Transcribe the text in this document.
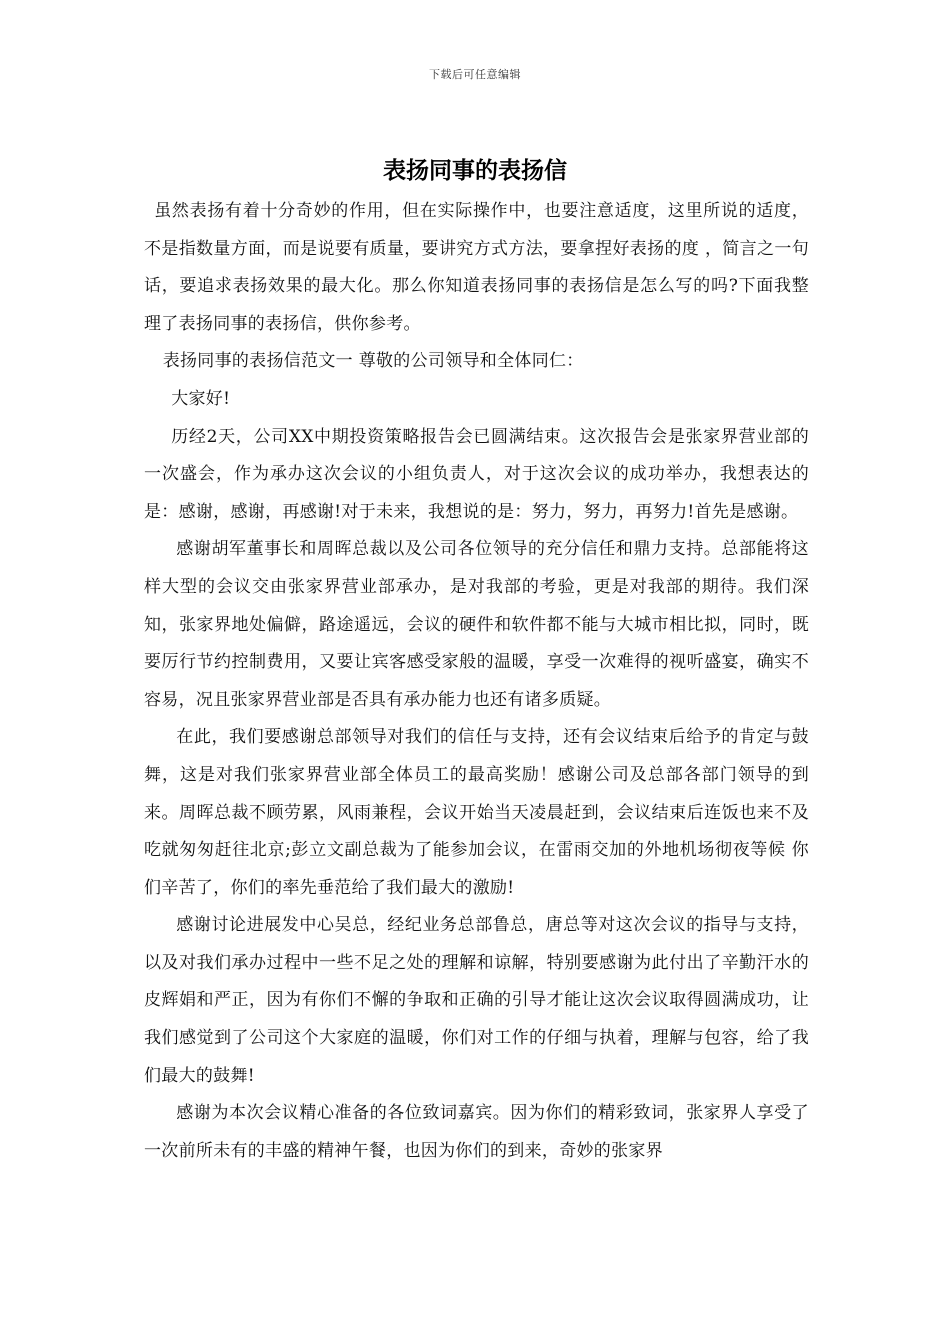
下载后可任意编辑
表扬同事的表扬信

虽然表扬有着十分奇妙的作用，但在实际操作中，也要注意适度，这里所说的适度，不是指数量方面，而是说要有质量，要讲究方式方法，要拿捏好表扬的度 ，简言之一句话，要追求表扬效果的最大化。那么你知道表扬同事的表扬信是怎么写的吗?下面我整理了表扬同事的表扬信，供你参考。

表扬同事的表扬信范文一 尊敬的公司领导和全体同仁：

大家好!

历经2天，公司XX中期投资策略报告会已圆满结束。这次报告会是张家界营业部的一次盛会，作为承办这次会议的小组负责人，对于这次会议的成功举办，我想表达的是：感谢，感谢，再感谢!对于未来，我想说的是：努力，努力，再努力!首先是感谢。

感谢胡军董事长和周晖总裁以及公司各位领导的充分信任和鼎力支持。总部能将这样大型的会议交由张家界营业部承办，是对我部的考验，更是对我部的期待。我们深知，张家界地处偏僻，路途遥远，会议的硬件和软件都不能与大城市相比拟，同时，既要厉行节约控制费用，又要让宾客感受家般的温暖，享受一次难得的视听盛宴，确实不容易，况且张家界营业部是否具有承办能力也还有诸多质疑。

在此，我们要感谢总部领导对我们的信任与支持，还有会议结束后给予的肯定与鼓舞，这是对我们张家界营业部全体员工的最高奖励！感谢公司及总部各部门领导的到来。周晖总裁不顾劳累，风雨兼程，会议开始当天凌晨赶到，会议结束后连饭也来不及吃就匆匆赶往北京;彭立文副总裁为了能参加会议，在雷雨交加的外地机场彻夜等候 你们辛苦了，你们的率先垂范给了我们最大的激励!

感谢讨论进展发中心吴总，经纪业务总部鲁总，唐总等对这次会议的指导与支持，以及对我们承办过程中一些不足之处的理解和谅解，特别要感谢为此付出了辛勤汗水的皮辉娟和严正，因为有你们不懈的争取和正确的引导才能让这次会议取得圆满成功，让我们感觉到了公司这个大家庭的温暖，你们对工作的仔细与执着，理解与包容，给了我们最大的鼓舞!

感谢为本次会议精心准备的各位致词嘉宾。因为你们的精彩致词，张家界人享受了一次前所未有的丰盛的精神午餐，也因为你们的到来，奇妙的张家界
